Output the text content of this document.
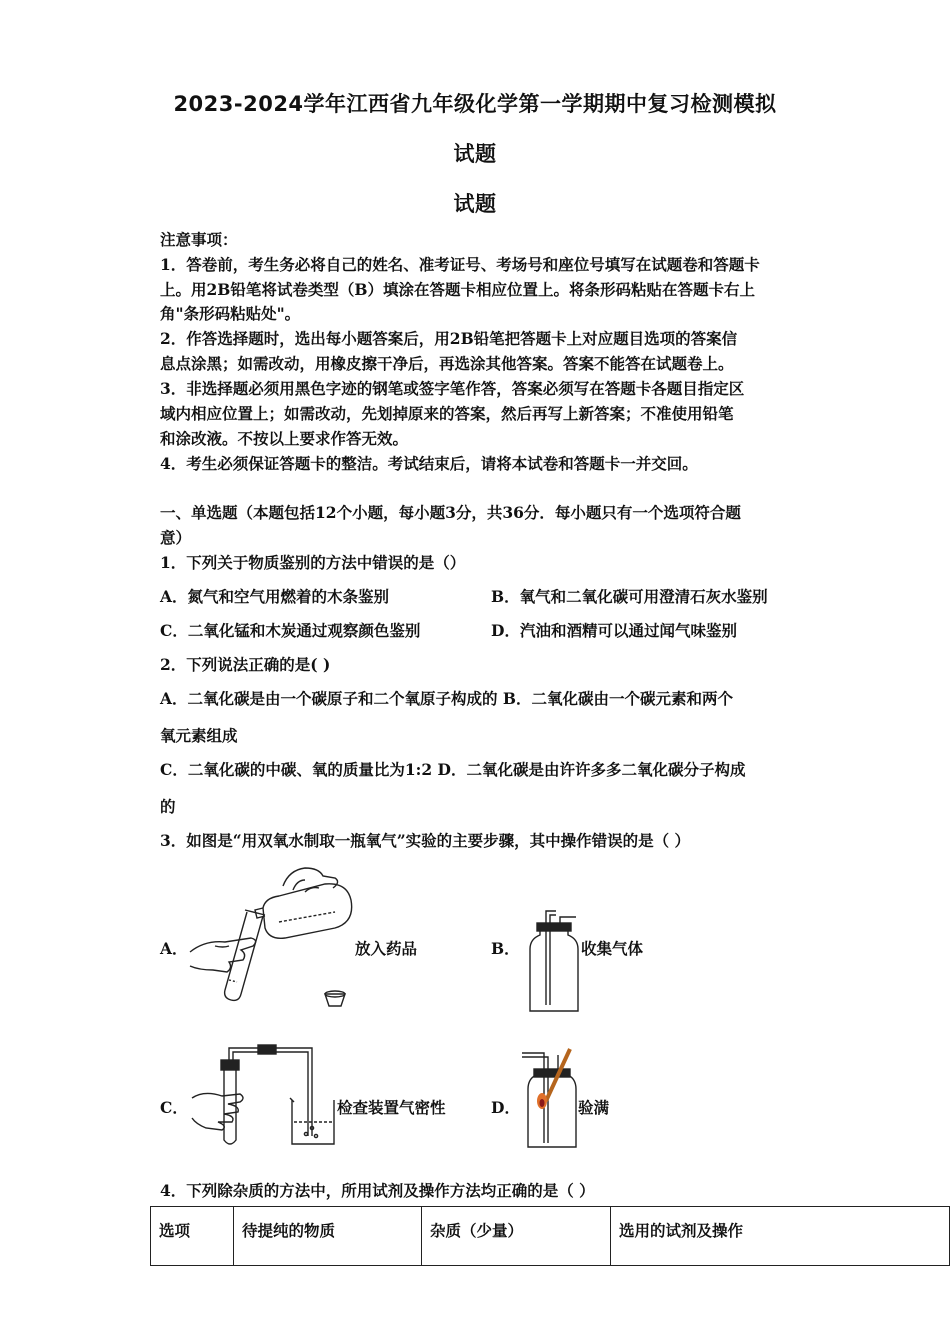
2023-2024学年江西省九年级化学第一学期期中复习检测模拟
试题
试题
注意事项：
1．答卷前，考生务必将自己的姓名、准考证号、考场号和座位号填写在试题卷和答题卡
上。用2B铅笔将试卷类型（B）填涂在答题卡相应位置上。将条形码粘贴在答题卡右上
角"条形码粘贴处"。
2．作答选择题时，选出每小题答案后，用2B铅笔把答题卡上对应题目选项的答案信
息点涂黑；如需改动，用橡皮擦干净后，再选涂其他答案。答案不能答在试题卷上。
3．非选择题必须用黑色字迹的钢笔或签字笔作答，答案必须写在答题卡各题目指定区
域内相应位置上；如需改动，先划掉原来的答案，然后再写上新答案；不准使用铅笔
和涂改液。不按以上要求作答无效。
4．考生必须保证答题卡的整洁。考试结束后，请将本试卷和答题卡一并交回。
一、单选题（本题包括12个小题，每小题3分，共36分．每小题只有一个选项符合题
意）
1．下列关于物质鉴别的方法中错误的是（）
A．氮气和空气用燃着的木条鉴别	B．氧气和二氧化碳可用澄清石灰水鉴别
C．二氧化锰和木炭通过观察颜色鉴别	D．汽油和酒精可以通过闻气味鉴别
2．下列说法正确的是( )
A．二氧化碳是由一个碳原子和二个氧原子构成的 B．二氧化碳由一个碳元素和两个
氧元素组成
C．二氧化碳的中碳、氧的质量比为1:2 D．二氧化碳是由许许多多二氧化碳分子构成
的
3．如图是“用双氧水制取一瓶氧气”实验的主要步骤，其中操作错误的是（ ）
A．	放入药品	B．	收集气体
C．	检查装置气密性	D．	验满
4．下列除杂质的方法中，所用试剂及操作方法均正确的是（ ）
选项	待提纯的物质	杂质（少量）	选用的试剂及操作
